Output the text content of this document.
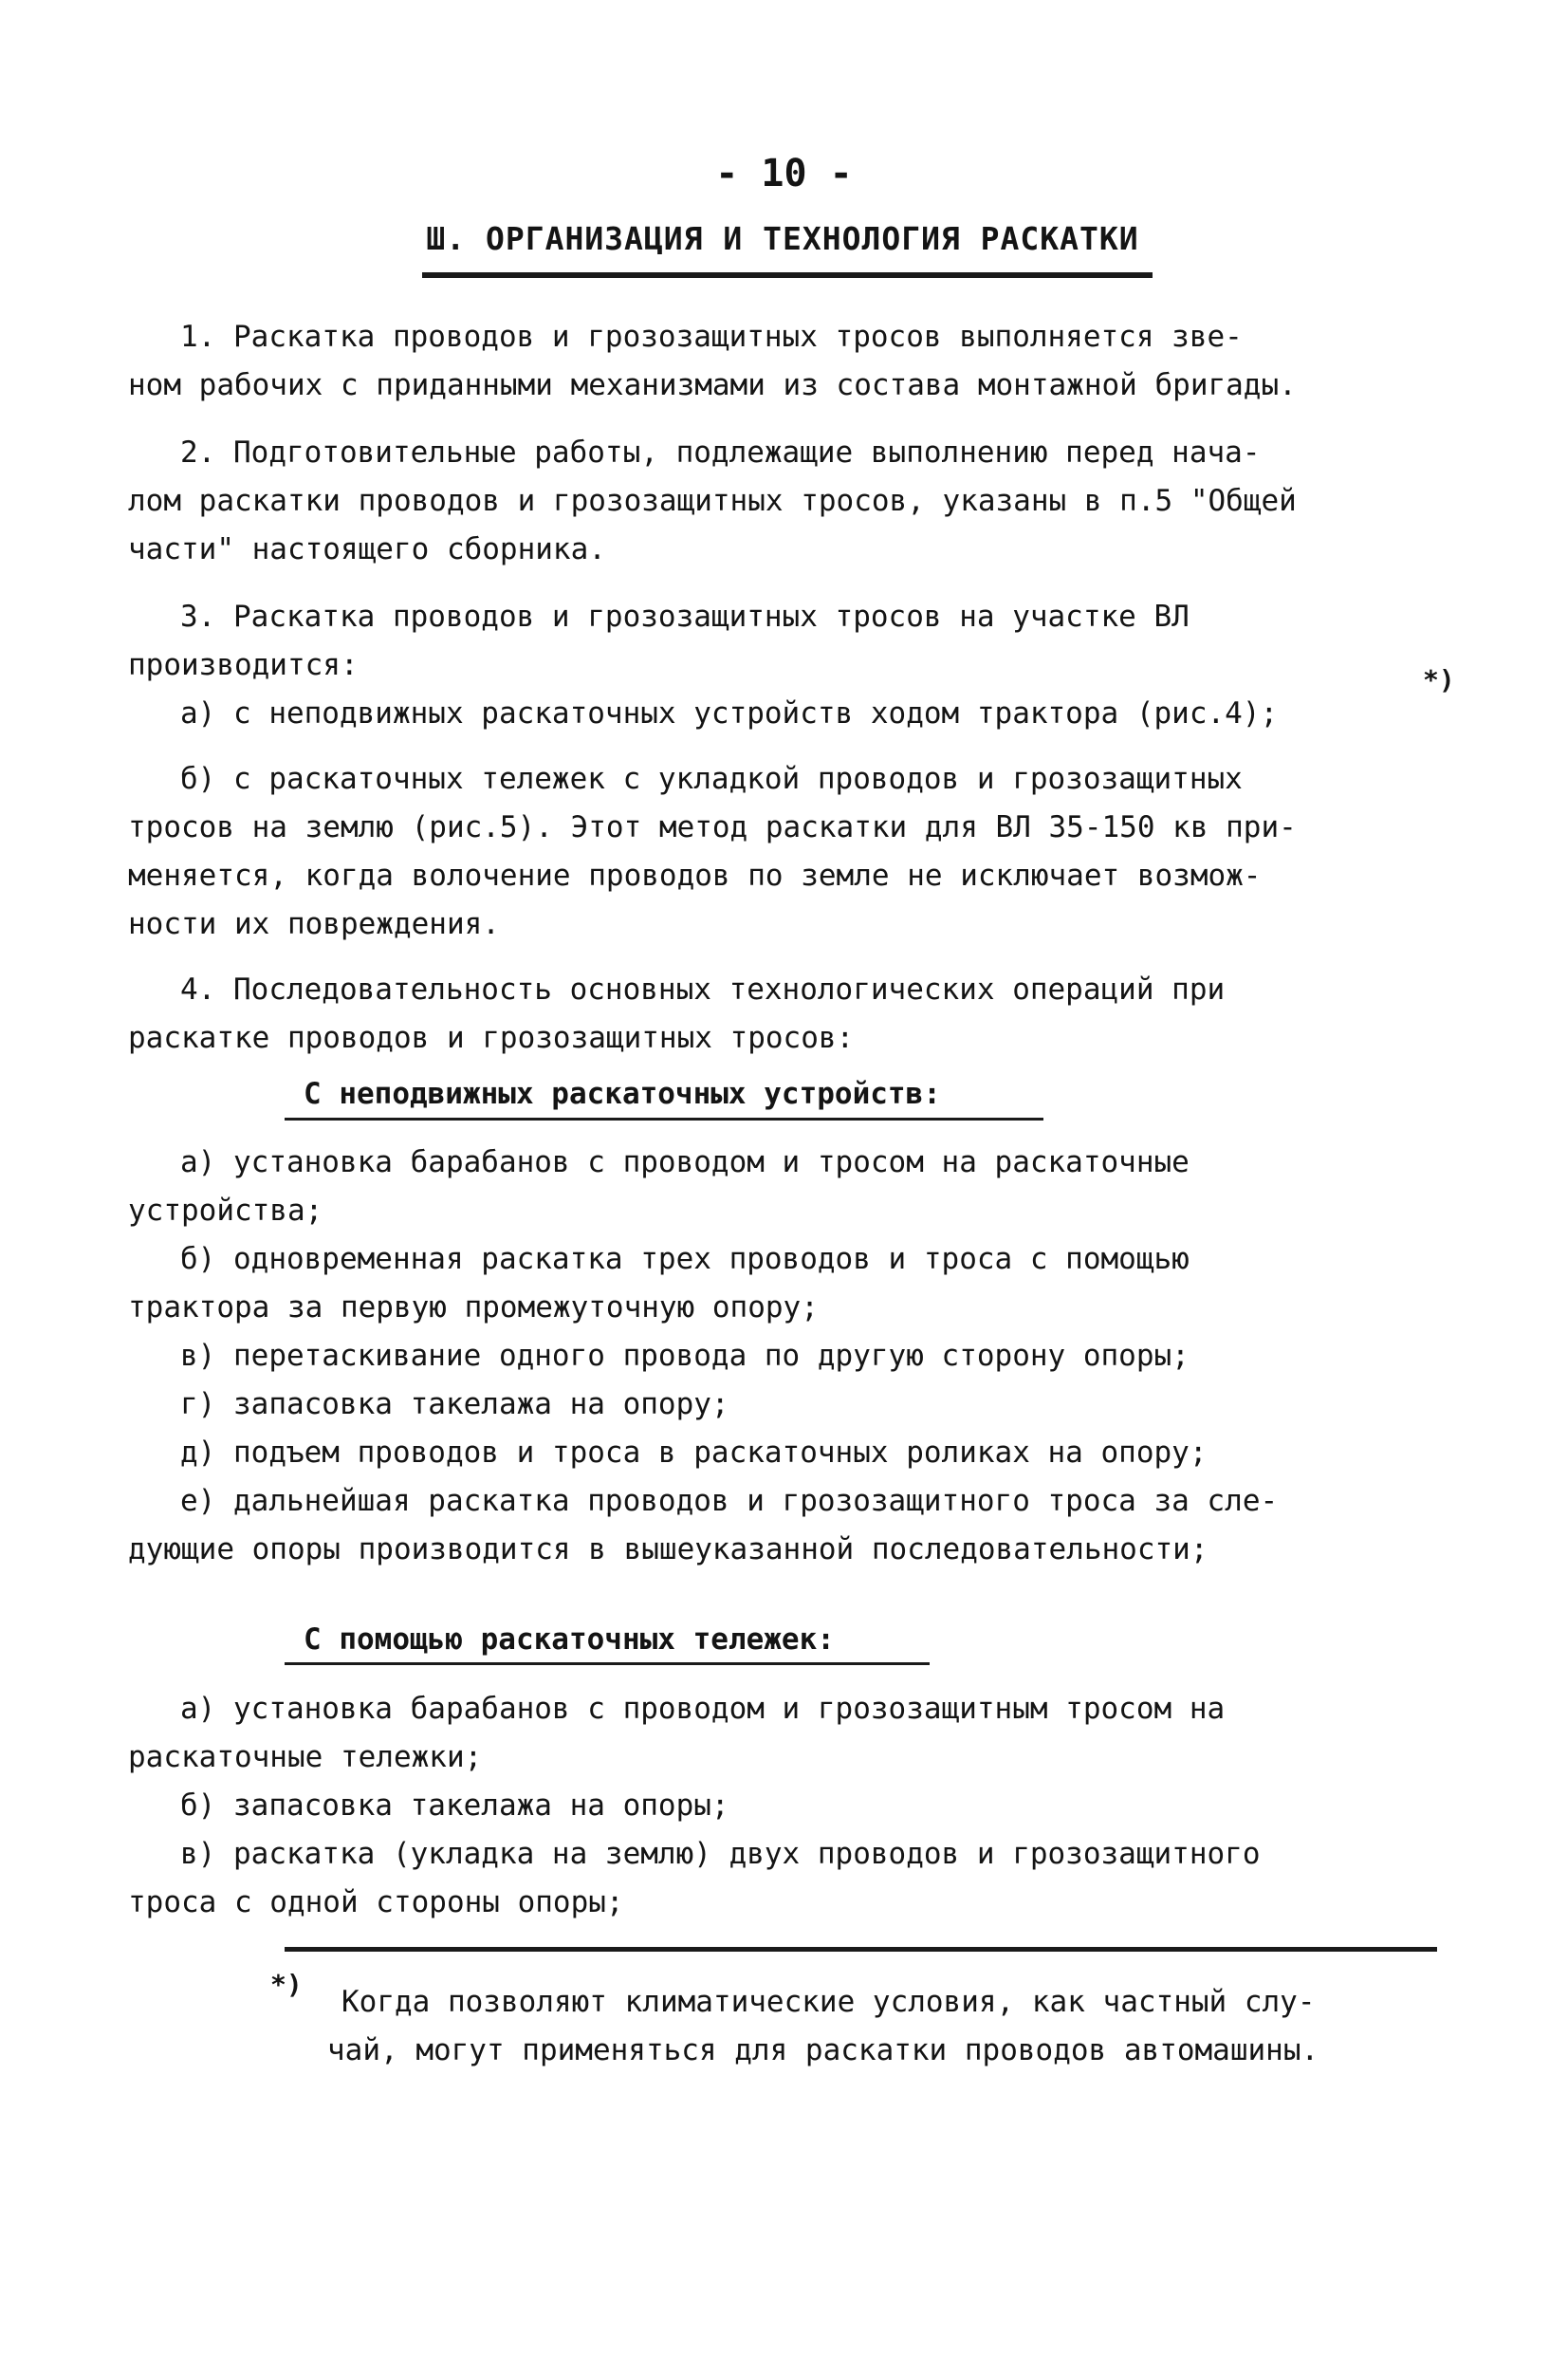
- 10 -
Ш. ОРГАНИЗАЦИЯ И ТЕХНОЛОГИЯ РАСКАТКИ
1. Раскатка проводов и грозозащитных тросов выполняется зве-
ном рабочих с приданными механизмами из состава монтажной бригады.
2. Подготовительные работы, подлежащие выполнению перед нача-
лом раскатки проводов и грозозащитных тросов, указаны в п.5 "Общей
части" настоящего сборника.
3. Раскатка проводов и грозозащитных тросов на участке ВЛ
производится:
а) с неподвижных раскаточных устройств ходом трактора (рис.4);
*)
б) с раскаточных тележек с укладкой проводов и грозозащитных
тросов на землю (рис.5). Этот метод раскатки для ВЛ 35-150 кв при-
меняется, когда волочение проводов по земле не исключает возмож-
ности их повреждения.
4. Последовательность основных технологических операций при
раскатке проводов и грозозащитных тросов:
С неподвижных раскаточных устройств:
а) установка барабанов с проводом и тросом на раскаточные
устройства;
б) одновременная раскатка трех проводов и троса с помощью
трактора за первую промежуточную опору;
в) перетаскивание одного провода по другую сторону опоры;
г) запасовка такелажа на опору;
д) подъем проводов и троса в раскаточных роликах на опору;
е) дальнейшая раскатка проводов и грозозащитного троса за сле-
дующие опоры производится в вышеуказанной последовательности;
С помощью раскаточных тележек:
а) установка барабанов с проводом и грозозащитным тросом на
раскаточные тележки;
б) запасовка такелажа на опоры;
в) раскатка (укладка на землю) двух проводов и грозозащитного
троса с одной стороны опоры;
*)
Когда позволяют климатические условия, как частный слу-
чай, могут применяться для раскатки проводов автомашины.
